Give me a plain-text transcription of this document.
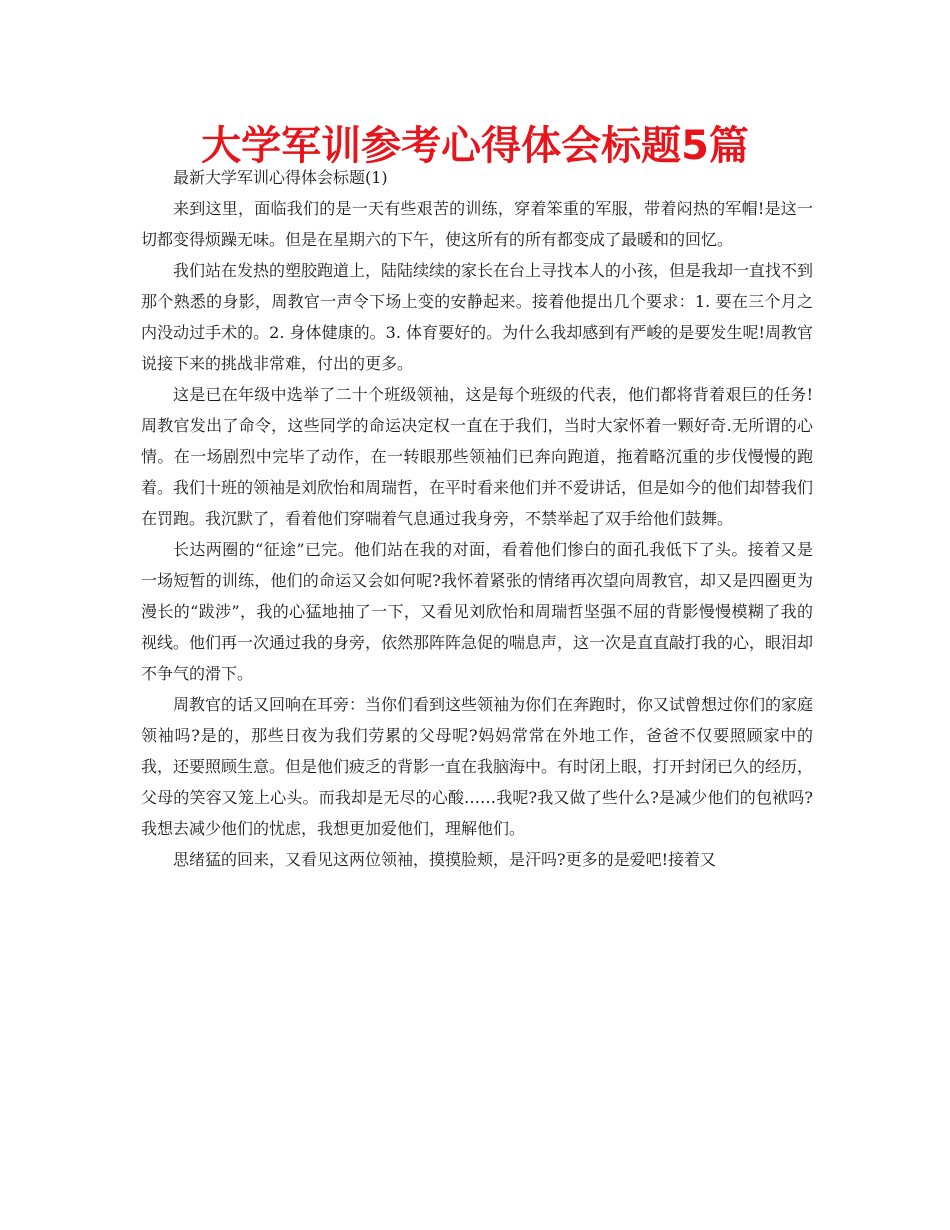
大学军训参考心得体会标题5篇

最新大学军训心得体会标题(1)

来到这里，面临我们的是一天有些艰苦的训练，穿着笨重的军服，带着闷热的军帽!是这一切都变得烦躁无味。但是在星期六的下午，使这所有的所有都变成了最暖和的回忆。

我们站在发热的塑胶跑道上，陆陆续续的家长在台上寻找本人的小孩，但是我却一直找不到那个熟悉的身影，周教官一声令下场上变的安静起来。接着他提出几个要求：1. 要在三个月之内没动过手术的。2. 身体健康的。3. 体育要好的。为什么我却感到有严峻的是要发生呢!周教官说接下来的挑战非常难，付出的更多。

这是已在年级中选举了二十个班级领袖，这是每个班级的代表，他们都将背着艰巨的任务!周教官发出了命令，这些同学的命运决定权一直在于我们，当时大家怀着一颗好奇.无所谓的心情。在一场剧烈中完毕了动作，在一转眼那些领袖们已奔向跑道，拖着略沉重的步伐慢慢的跑着。我们十班的领袖是刘欣怡和周瑞哲，在平时看来他们并不爱讲话，但是如今的他们却替我们在罚跑。我沉默了，看着他们穿喘着气息通过我身旁，不禁举起了双手给他们鼓舞。

长达两圈的“征途”已完。他们站在我的对面，看着他们惨白的面孔我低下了头。接着又是一场短暂的训练，他们的命运又会如何呢?我怀着紧张的情绪再次望向周教官，却又是四圈更为漫长的“跋涉”，我的心猛地抽了一下，又看见刘欣怡和周瑞哲坚强不屈的背影慢慢模糊了我的视线。他们再一次通过我的身旁，依然那阵阵急促的喘息声，这一次是直直敲打我的心，眼泪却不争气的滑下。

周教官的话又回响在耳旁：当你们看到这些领袖为你们在奔跑时，你又试曾想过你们的家庭领袖吗?是的，那些日夜为我们劳累的父母呢?妈妈常常在外地工作，爸爸不仅要照顾家中的我，还要照顾生意。但是他们疲乏的背影一直在我脑海中。有时闭上眼，打开封闭已久的经历，父母的笑容又笼上心头。而我却是无尽的心酸……我呢?我又做了些什么?是减少他们的包袱吗?我想去减少他们的忧虑，我想更加爱他们，理解他们。

思绪猛的回来，又看见这两位领袖，摸摸脸颊，是汗吗?更多的是爱吧!接着又
